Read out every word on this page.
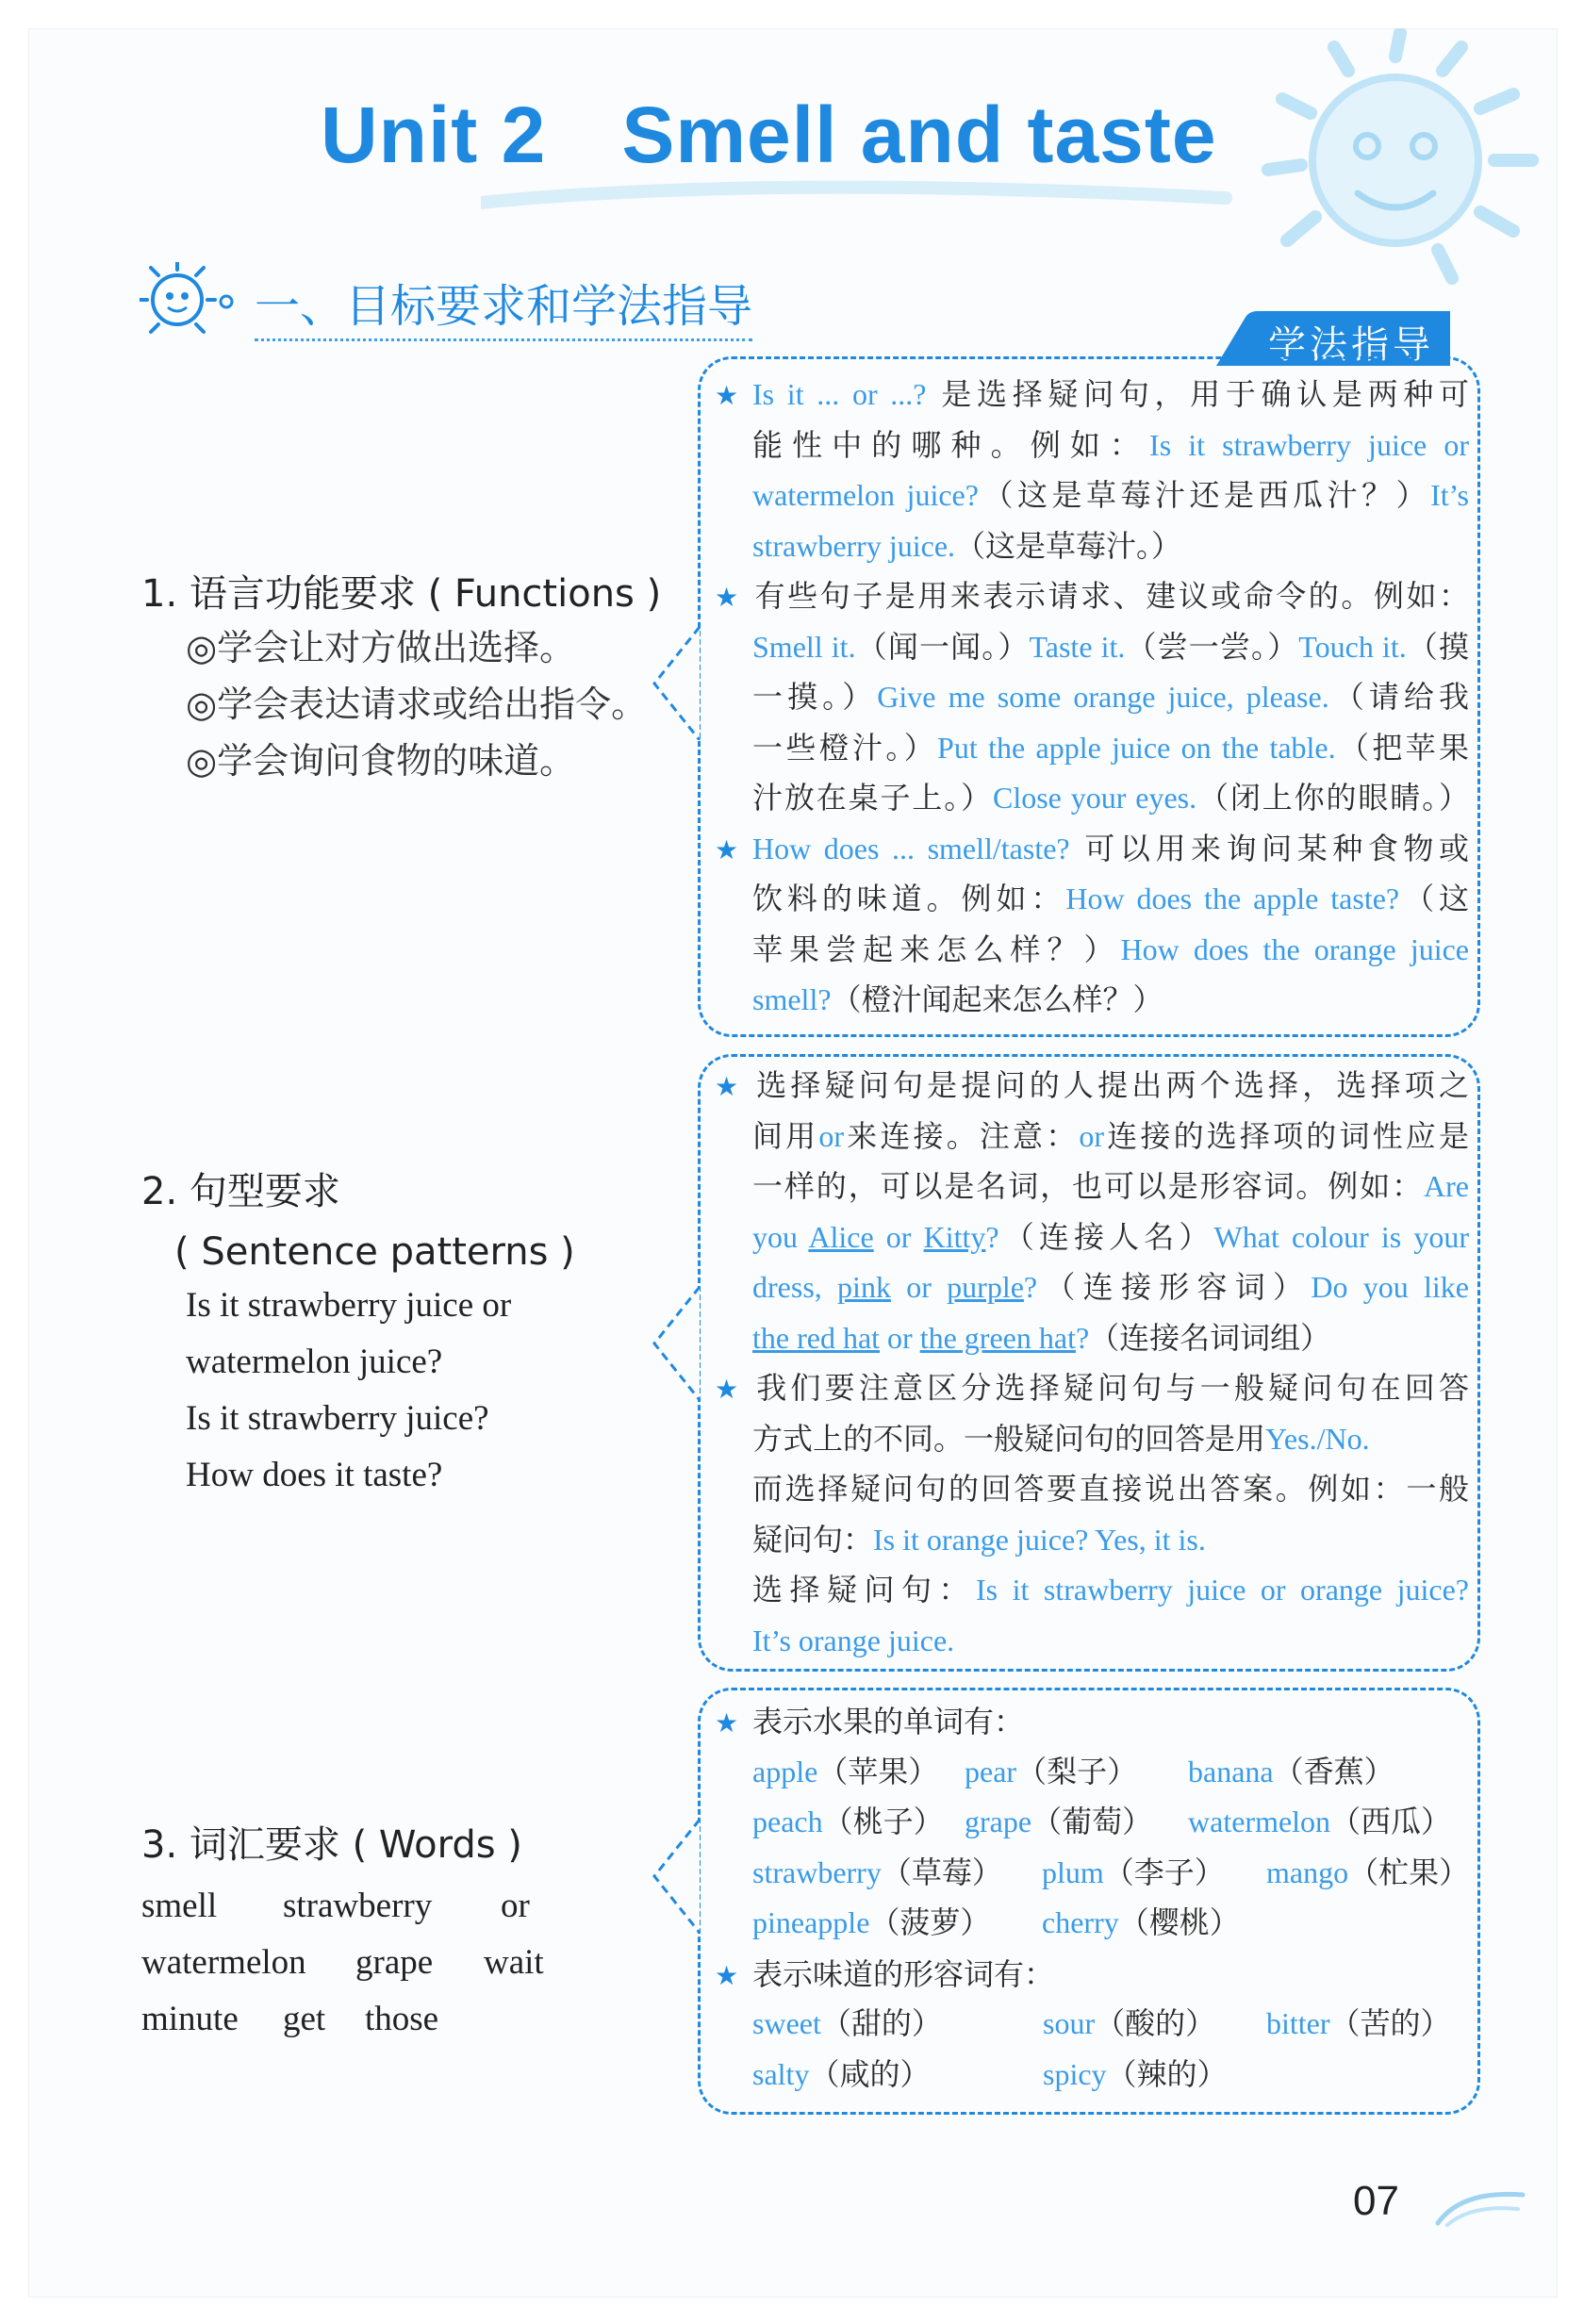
Unit 2 Smell and taste
一、目标要求和学法指导
学法指导
1. 语言功能要求 ( Functions )
◎学会让对方做出选择。
◎学会表达请求或给出指令。
◎学会询问食物的味道。
2. 句型要求
( Sentence patterns )
Is it strawberry juice or
watermelon juice?
Is it strawberry juice?
How does it taste?
3. 词汇要求 ( Words )
smell strawberry or
watermelon grape wait
minute get those
★ Is it ... or ...? 是选择疑问句，用于确认是两种可
能性中的哪种。例如：Is it strawberry juice or
watermelon juice?（这是草莓汁还是西瓜汁？）It’s
strawberry juice.（这是草莓汁。）
★ 有些句子是用来表示请求、建议或命令的。例如：
Smell it.（闻一闻。）Taste it.（尝一尝。）Touch it.（摸
一摸。）Give me some orange juice, please.（请给我
一些橙汁。）Put the apple juice on the table.（把苹果
汁放在桌子上。）Close your eyes.（闭上你的眼睛。）
★ How does ... smell/taste? 可以用来询问某种食物或
饮料的味道。例如：How does the apple taste?（这
苹果尝起来怎么样？）How does the orange juice
smell?（橙汁闻起来怎么样？）
★ 选择疑问句是提问的人提出两个选择，选择项之
间用or来连接。注意：or连接的选择项的词性应是
一样的，可以是名词，也可以是形容词。例如：Are
you Alice or Kitty?（连接人名）What colour is your
dress, pink or purple?（连接形容词）Do you like
the red hat or the green hat?（连接名词词组）
★ 我们要注意区分选择疑问句与一般疑问句在回答
方式上的不同。一般疑问句的回答是用Yes./No.
而选择疑问句的回答要直接说出答案。例如：一般
疑问句：Is it orange juice? Yes, it is.
选择疑问句：Is it strawberry juice or orange juice?
It’s orange juice.
★ 表示水果的单词有：
apple（苹果） pear（梨子） banana（香蕉）
peach（桃子） grape（葡萄） watermelon（西瓜）
strawberry（草莓） plum（李子） mango（杧果）
pineapple（菠萝） cherry（樱桃）
★ 表示味道的形容词有：
sweet（甜的）	sour（酸的） bitter（苦的）
salty（咸的）	spicy（辣的）
07
